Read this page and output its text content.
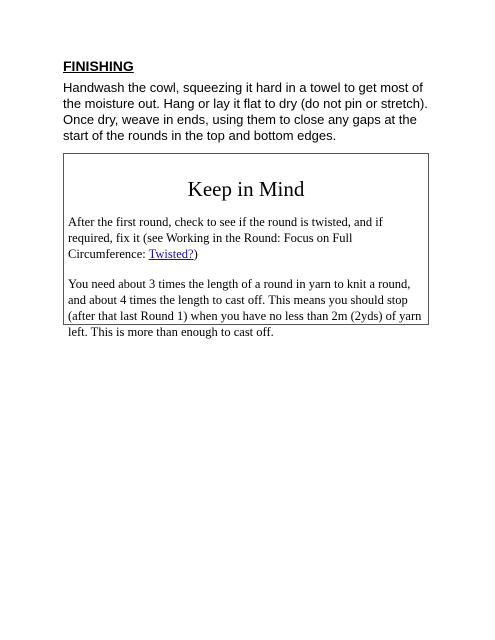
FINISHING

Handwash the cowl, squeezing it hard in a towel to get most of the moisture out. Hang or lay it flat to dry (do not pin or stretch). Once dry, weave in ends, using them to close any gaps at the start of the rounds in the top and bottom edges.

Keep in Mind

After the first round, check to see if the round is twisted, and if required, fix it (see Working in the Round: Focus on Full Circumference: Twisted?)

You need about 3 times the length of a round in yarn to knit a round, and about 4 times the length to cast off. This means you should stop (after that last Round 1) when you have no less than 2m (2yds) of yarn left. This is more than enough to cast off.
